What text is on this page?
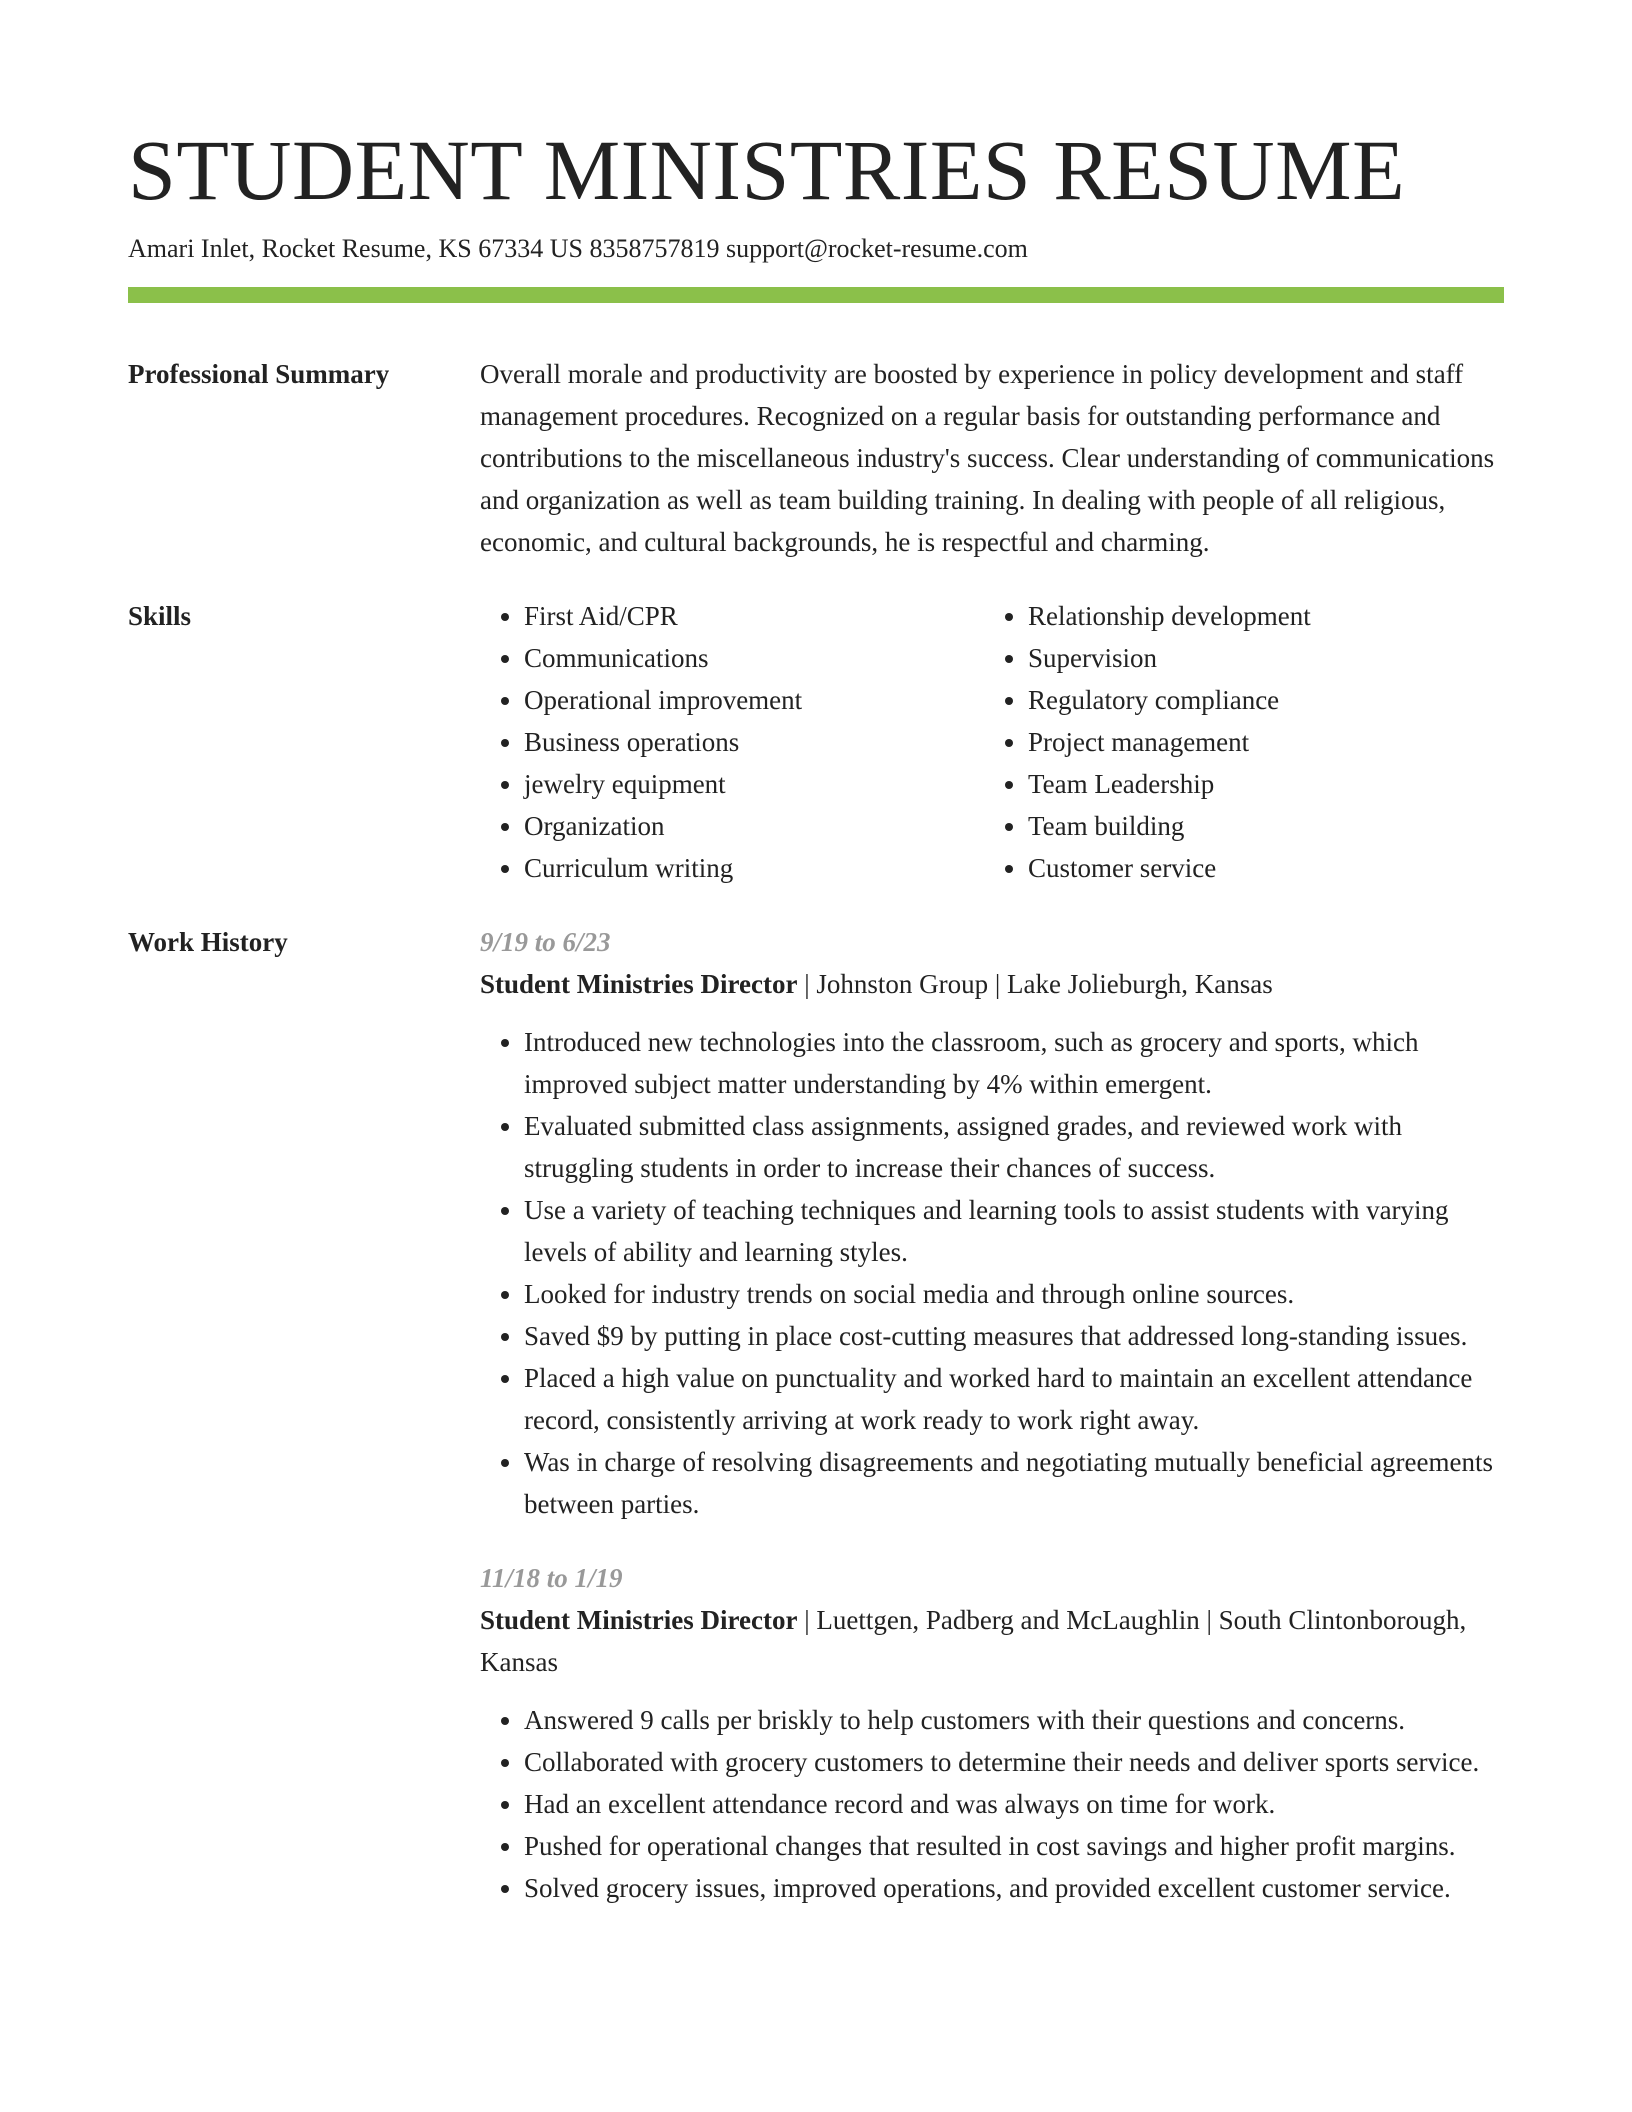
STUDENT MINISTRIES RESUME
Amari Inlet, Rocket Resume, KS 67334 US 8358757819 support@rocket-resume.com
Professional Summary	Overall morale and productivity are boosted by experience in policy development and staff management procedures. Recognized on a regular basis for outstanding performance and contributions to the miscellaneous industry's success. Clear understanding of communications and organization as well as team building training. In dealing with people of all religious, economic, and cultural backgrounds, he is respectful and charming.

Skills
•	First Aid/CPR
• Communications
• Operational improvement
• Business operations
• jewelry equipment
• Organization
• Curriculum writing
• Relationship development
• Supervision
• Regulatory compliance
• Project management
• Team Leadership
• Team building
• Customer service
Work History	9/19 to 6/23
Student Ministries Director | Johnston Group | Lake Jolieburgh, Kansas
• Introduced new technologies into the classroom, such as grocery and sports, which improved subject matter understanding by 4% within emergent.
• Evaluated submitted class assignments, assigned grades, and reviewed work with struggling students in order to increase their chances of success.
• Use a variety of teaching techniques and learning tools to assist students with varying levels of ability and learning styles.
• Looked for industry trends on social media and through online sources.
• Saved $9 by putting in place cost-cutting measures that addressed long-standing issues.
• Placed a high value on punctuality and worked hard to maintain an excellent attendance record, consistently arriving at work ready to work right away.
• Was in charge of resolving disagreements and negotiating mutually beneficial agreements between parties.
11/18 to 1/19
Student Ministries Director | Luettgen, Padberg and McLaughlin | South Clintonborough, Kansas
• Answered 9 calls per briskly to help customers with their questions and concerns.
• Collaborated with grocery customers to determine their needs and deliver sports service.
• Had an excellent attendance record and was always on time for work.
• Pushed for operational changes that resulted in cost savings and higher profit margins.
• Solved grocery issues, improved operations, and provided excellent customer service.
